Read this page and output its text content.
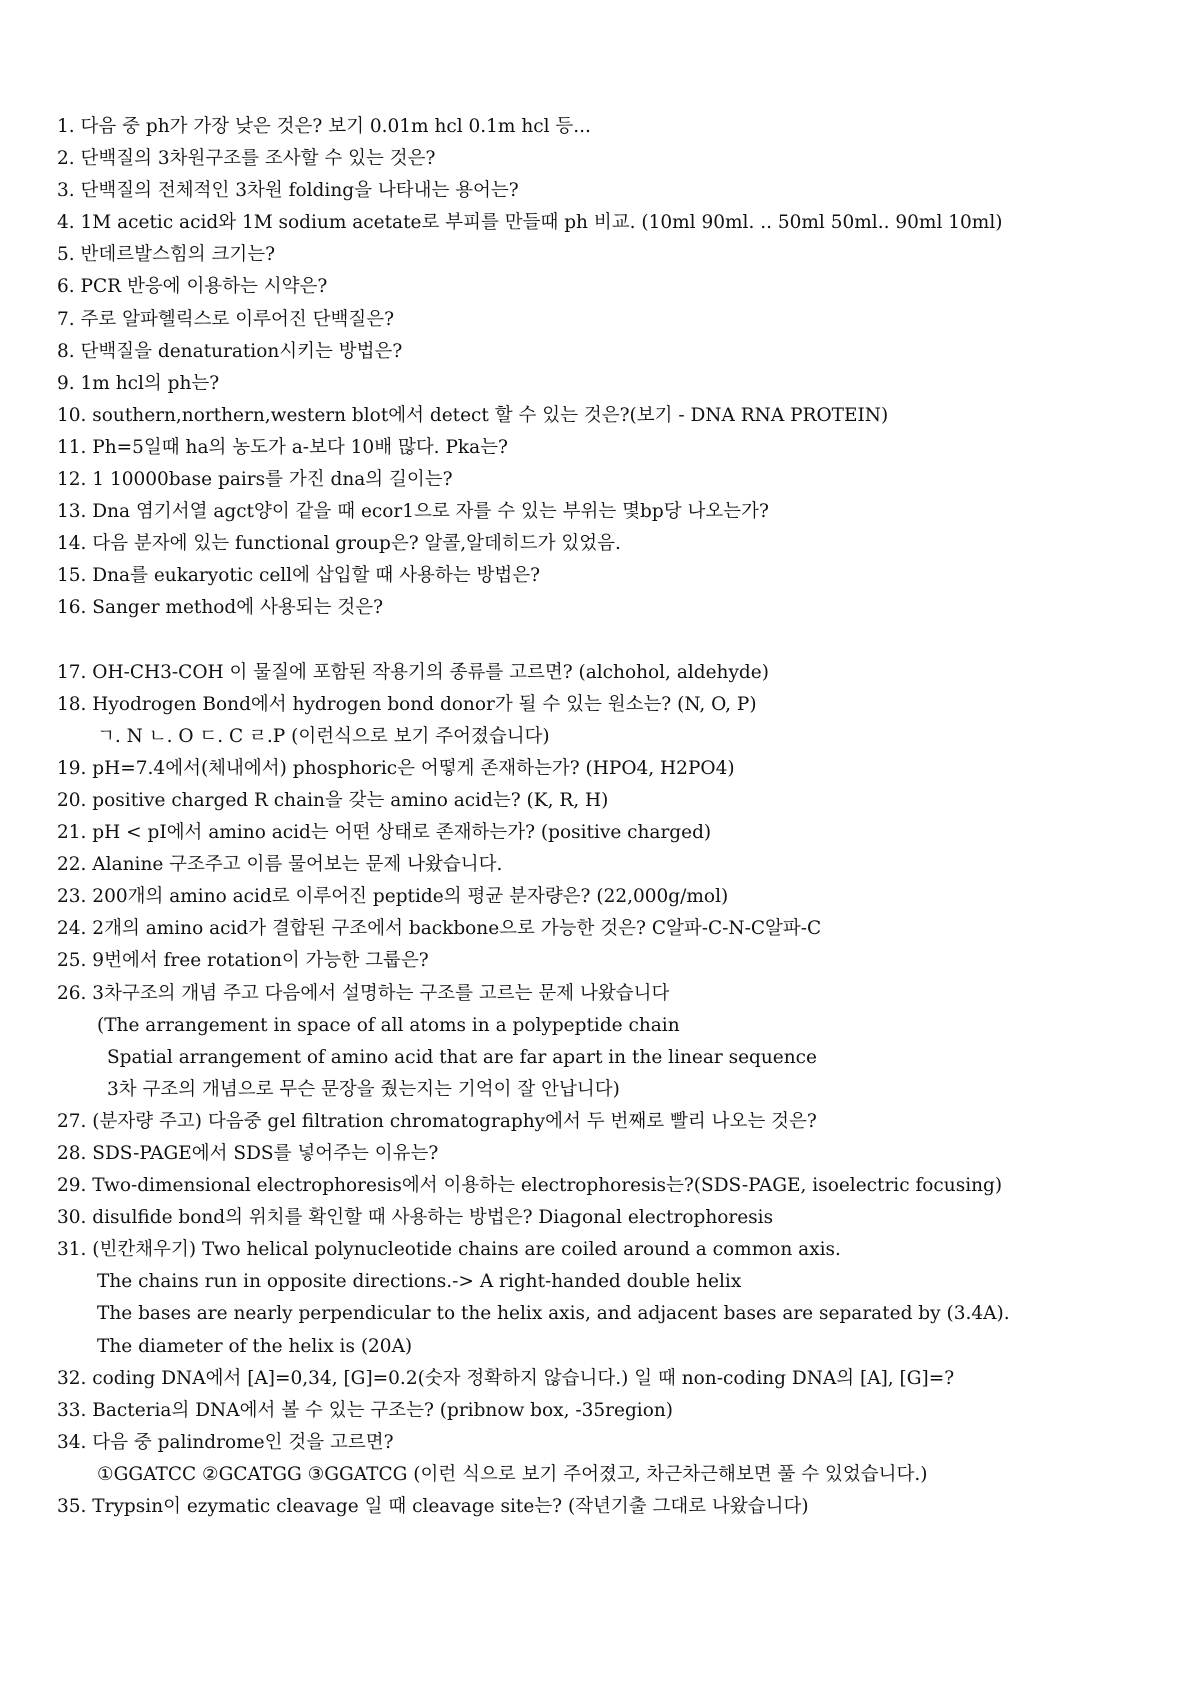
1. 다음 중 ph가 가장 낮은 것은? 보기 0.01m hcl 0.1m hcl 등...
2. 단백질의 3차원구조를 조사할 수 있는 것은?
3. 단백질의 전체적인 3차원 folding을 나타내는 용어는?
4. 1M acetic acid와 1M sodium acetate로 부피를 만들때 ph 비교. (10ml 90ml. .. 50ml 50ml.. 90ml 10ml)
5. 반데르발스힘의 크기는?
6. PCR 반응에 이용하는 시약은?
7. 주로 알파헬릭스로 이루어진 단백질은?
8. 단백질을 denaturation시키는 방법은?
9. 1m hcl의 ph는?
10. southern,northern,western blot에서 detect 할 수 있는 것은?(보기 - DNA RNA PROTEIN)
11. Ph=5일때 ha의 농도가 a-보다 10배 많다. Pka는?
12. 1 10000base pairs를 가진 dna의 길이는?
13. Dna 염기서열 agct양이 같을 때 ecor1으로 자를 수 있는 부위는 몇bp당 나오는가?
14. 다음 분자에 있는 functional group은? 알콜,알데히드가 있었음.
15. Dna를 eukaryotic cell에 삽입할 때 사용하는 방법은?
16. Sanger method에 사용되는 것은?
17. OH-CH3-COH 이 물질에 포함된 작용기의 종류를 고르면? (alchohol, aldehyde)
18. Hyodrogen Bond에서 hydrogen bond donor가 될 수 있는 원소는? (N, O, P)
ㄱ. N ㄴ. O ㄷ. C ㄹ.P (이런식으로 보기 주어졌습니다)
19. pH=7.4에서(체내에서) phosphoric은 어떻게 존재하는가? (HPO4, H2PO4)
20. positive charged R chain을 갖는 amino acid는? (K, R, H)
21. pH < pI에서 amino acid는 어떤 상태로 존재하는가? (positive charged)
22. Alanine 구조주고 이름 물어보는 문제 나왔습니다.
23. 200개의 amino acid로 이루어진 peptide의 평균 분자량은? (22,000g/mol)
24. 2개의 amino acid가 결합된 구조에서 backbone으로 가능한 것은? C알파-C-N-C알파-C
25. 9번에서 free rotation이 가능한 그룹은?
26. 3차구조의 개념 주고 다음에서 설명하는 구조를 고르는 문제 나왔습니다
(The arrangement in space of all atoms in a polypeptide chain
Spatial arrangement of amino acid that are far apart in the linear sequence
3차 구조의 개념으로 무슨 문장을 줬는지는 기억이 잘 안납니다)
27. (분자량 주고) 다음중 gel filtration chromatography에서 두 번째로 빨리 나오는 것은?
28. SDS-PAGE에서 SDS를 넣어주는 이유는?
29. Two-dimensional electrophoresis에서 이용하는 electrophoresis는?(SDS-PAGE, isoelectric focusing)
30. disulfide bond의 위치를 확인할 때 사용하는 방법은? Diagonal electrophoresis
31. (빈칸채우기) Two helical polynucleotide chains are coiled around a common axis.
The chains run in opposite directions.-> A right-handed double helix
The bases are nearly perpendicular to the helix axis, and adjacent bases are separated by (3.4A).
The diameter of the helix is (20A)
32. coding DNA에서 [A]=0,34, [G]=0.2(숫자 정확하지 않습니다.) 일 때 non-coding DNA의 [A], [G]=?
33. Bacteria의 DNA에서 볼 수 있는 구조는? (pribnow box, -35region)
34. 다음 중 palindrome인 것을 고르면?
①GGATCC ②GCATGG ③GGATCG (이런 식으로 보기 주어졌고, 차근차근해보면 풀 수 있었습니다.)
35. Trypsin이 ezymatic cleavage 일 때 cleavage site는? (작년기출 그대로 나왔습니다)
